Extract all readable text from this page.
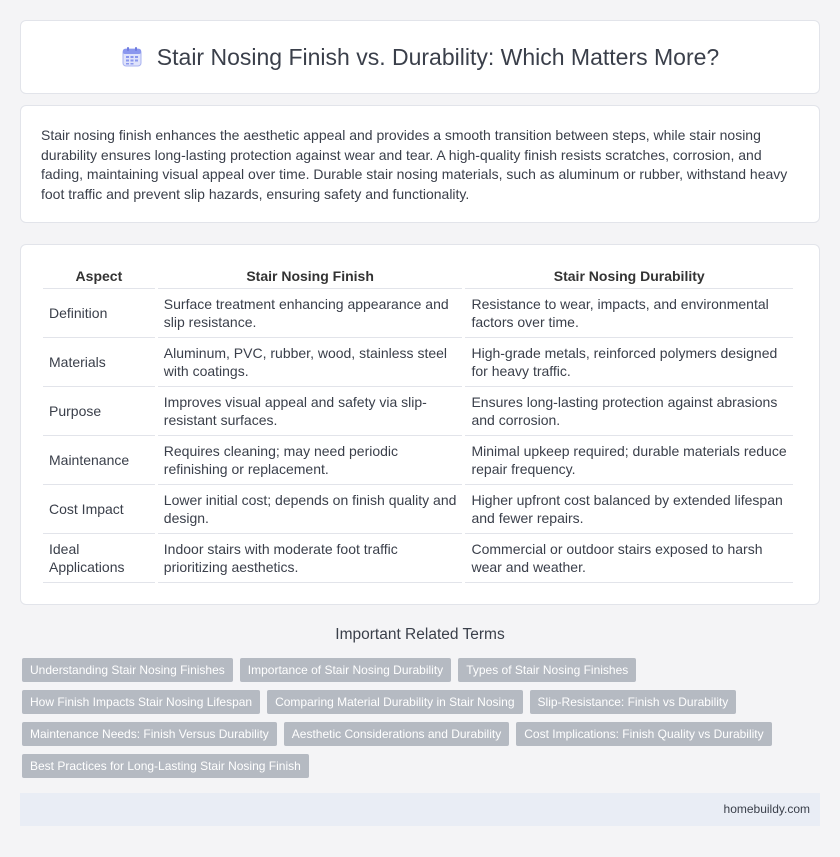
Stair Nosing Finish vs. Durability: Which Matters More?

Stair nosing finish enhances the aesthetic appeal and provides a smooth transition between steps, while stair nosing durability ensures long-lasting protection against wear and tear. A high-quality finish resists scratches, corrosion, and fading, maintaining visual appeal over time. Durable stair nosing materials, such as aluminum or rubber, withstand heavy foot traffic and prevent slip hazards, ensuring safety and functionality.

Aspect	Stair Nosing Finish	Stair Nosing Durability
Definition	Surface treatment enhancing appearance and slip resistance.	Resistance to wear, impacts, and environmental factors over time.
Materials	Aluminum, PVC, rubber, wood, stainless steel with coatings.	High-grade metals, reinforced polymers designed for heavy traffic.
Purpose	Improves visual appeal and safety via slip-resistant surfaces.	Ensures long-lasting protection against abrasions and corrosion.
Maintenance	Requires cleaning; may need periodic refinishing or replacement.	Minimal upkeep required; durable materials reduce repair frequency.
Cost Impact	Lower initial cost; depends on finish quality and design.	Higher upfront cost balanced by extended lifespan and fewer repairs.
Ideal Applications	Indoor stairs with moderate foot traffic prioritizing aesthetics.	Commercial or outdoor stairs exposed to harsh wear and weather.
Important Related Terms
Understanding Stair Nosing Finishes	Importance of Stair Nosing Durability	Types of Stair Nosing Finishes
How Finish Impacts Stair Nosing Lifespan	Comparing Material Durability in Stair Nosing	Slip-Resistance: Finish vs Durability
Maintenance Needs: Finish Versus Durability	Aesthetic Considerations and Durability	Cost Implications: Finish Quality vs Durability
Best Practices for Long-Lasting Stair Nosing Finish
homebuildy.com
